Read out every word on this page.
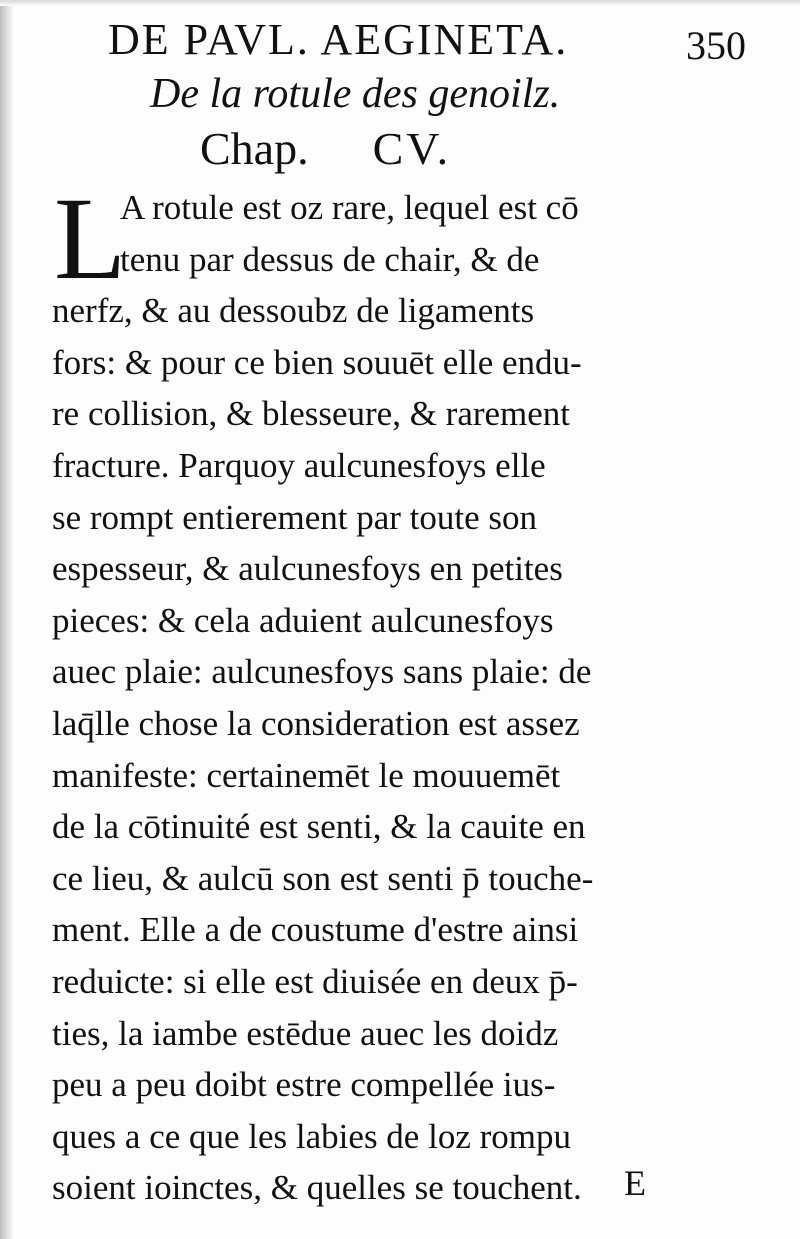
DE PAVL. AEGINETA.	350
De la rotule des genoilz.
Chap. CV.
L
A rotule est oz rare, lequel est cō
tenu par dessus de chair, & de
nerfz, & au dessoubz de ligaments
fors: & pour ce bien souuēt elle endu-
re collision, & blesseure, & rarement
fracture. Parquoy aulcunesfoys elle
se rompt entierement par toute son
espesseur, & aulcunesfoys en petites
pieces: & cela aduient aulcunesfoys
auec plaie: aulcunesfoys sans plaie: de
laq̄lle chose la consideration est assez
manifeste: certainemēt le mouuemēt
de la cōtinuité est senti, & la cauite en
ce lieu, & aulcū son est senti p̄ touche-
ment. Elle a de coustume d'estre ainsi
reduicte: si elle est diuisée en deux p̄-
ties, la iambe estēdue auec les doidz
peu a peu doibt estre compellée ius-
ques a ce que les labies de loz rompu
soient ioinctes, & quelles se touchent.	E
